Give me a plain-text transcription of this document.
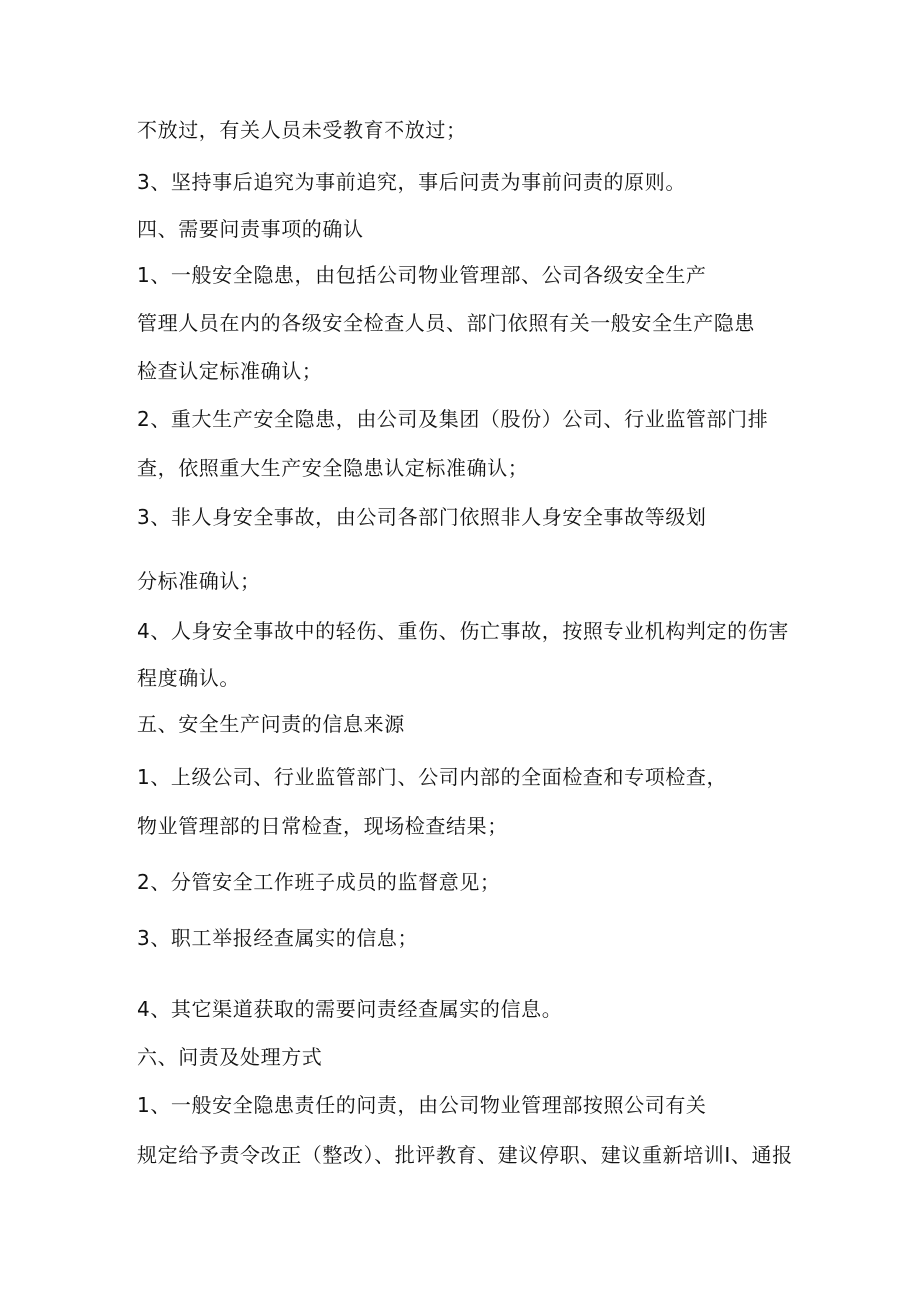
不放过，有关人员未受教育不放过；
3、坚持事后追究为事前追究，事后问责为事前问责的原则。
四、需要问责事项的确认
1、一般安全隐患，由包括公司物业管理部、公司各级安全生产
管理人员在内的各级安全检查人员、部门依照有关一般安全生产隐患
检查认定标准确认；
2、重大生产安全隐患，由公司及集团（股份）公司、行业监管部门排
查，依照重大生产安全隐患认定标准确认；
3、非人身安全事故，由公司各部门依照非人身安全事故等级划
分标准确认；
4、人身安全事故中的轻伤、重伤、伤亡事故，按照专业机构判定的伤害
程度确认。
五、安全生产问责的信息来源
1、上级公司、行业监管部门、公司内部的全面检查和专项检查，
物业管理部的日常检查，现场检查结果；
2、分管安全工作班子成员的监督意见；
3、职工举报经查属实的信息；
4、其它渠道获取的需要问责经查属实的信息。
六、问责及处理方式
1、一般安全隐患责任的问责，由公司物业管理部按照公司有关
规定给予责令改正（整改）、批评教育、建议停职、建议重新培训I、通报
